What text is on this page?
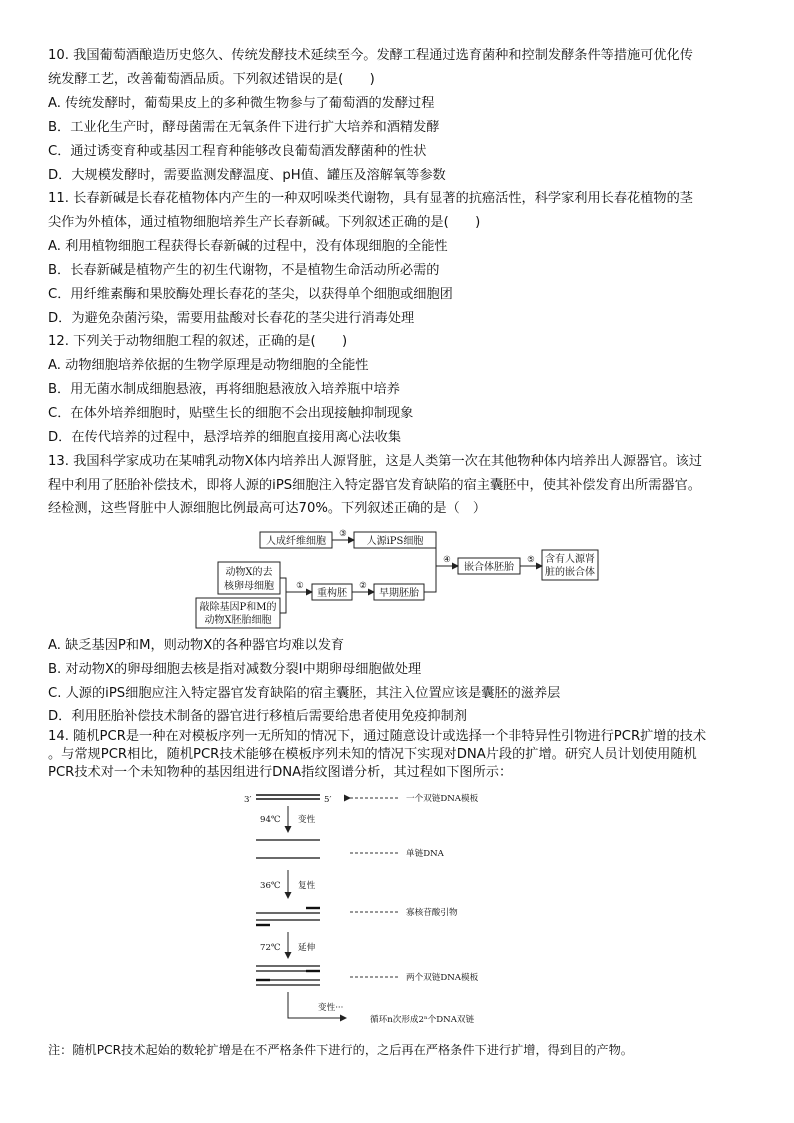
10. 我国葡萄酒酿造历史悠久、传统发酵技术延续至今。发酵工程通过选育菌种和控制发酵条件等措施可优化传
统发酵工艺，改善葡萄酒品质。下列叙述错误的是(　　)
A. 传统发酵时，葡萄果皮上的多种微生物参与了葡萄酒的发酵过程
B．工业化生产时，酵母菌需在无氧条件下进行扩大培养和酒精发酵
C．通过诱变育种或基因工程育种能够改良葡萄酒发酵菌种的性状
D．大规模发酵时，需要监测发酵温度、pH值、罐压及溶解氧等参数
11. 长春新碱是长春花植物体内产生的一种双吲哚类代谢物，具有显著的抗癌活性，科学家利用长春花植物的茎
尖作为外植体，通过植物细胞培养生产长春新碱。下列叙述正确的是(　　)
A. 利用植物细胞工程获得长春新碱的过程中，没有体现细胞的全能性
B．长春新碱是植物产生的初生代谢物，不是植物生命活动所必需的
C．用纤维素酶和果胶酶处理长春花的茎尖，以获得单个细胞或细胞团
D．为避免杂菌污染，需要用盐酸对长春花的茎尖进行消毒处理
12. 下列关于动物细胞工程的叙述，正确的是(　　)
A. 动物细胞培养依据的生物学原理是动物细胞的全能性
B．用无菌水制成细胞悬液，再将细胞悬液放入培养瓶中培养
C．在体外培养细胞时，贴壁生长的细胞不会出现接触抑制现象
D．在传代培养的过程中，悬浮培养的细胞直接用离心法收集
13. 我国科学家成功在某哺乳动物X体内培养出人源肾脏，这是人类第一次在其他物种体内培养出人源器官。该过
程中利用了胚胎补偿技术，即将人源的iPS细胞注入特定器官发育缺陷的宿主囊胚中，使其补偿发育出所需器官。
经检测，这些肾脏中人源细胞比例最高可达70%。下列叙述正确的是（　）
人成纤维细胞	人源iPS细胞
动物X的去
核卵母细胞
敲除基因P和M的
动物X胚胎细胞
重构胚	早期胚胎
嵌合体胚胎
含有人源肾
脏的嵌合体
③
①	②
④	⑤
A. 缺乏基因P和M，则动物X的各种器官均难以发育
B. 对动物X的卵母细胞去核是指对减数分裂Ⅰ中期卵母细胞做处理
C. 人源的iPS细胞应注入特定器官发育缺陷的宿主囊胚，其注入位置应该是囊胚的滋养层
D．利用胚胎补偿技术制备的器官进行移植后需要给患者使用免疫抑制剂
14. 随机PCR是一种在对模板序列一无所知的情况下，通过随意设计或选择一个非特异性引物进行PCR扩增的技术
。与常规PCR相比，随机PCR技术能够在模板序列未知的情况下实现对DNA片段的扩增。研究人员计划使用随机
PCR技术对一个未知物种的基因组进行DNA指纹图谱分析，其过程如下图所示：
3′	5′
94℃ 变性
36℃ 复性
72℃ 延伸
变性···
一个双链DNA模板
单链DNA
寡核苷酸引物
两个双链DNA模板
循环n次形成2ⁿ个DNA双链
注：随机PCR技术起始的数轮扩增是在不严格条件下进行的，之后再在严格条件下进行扩增，得到目的产物。
